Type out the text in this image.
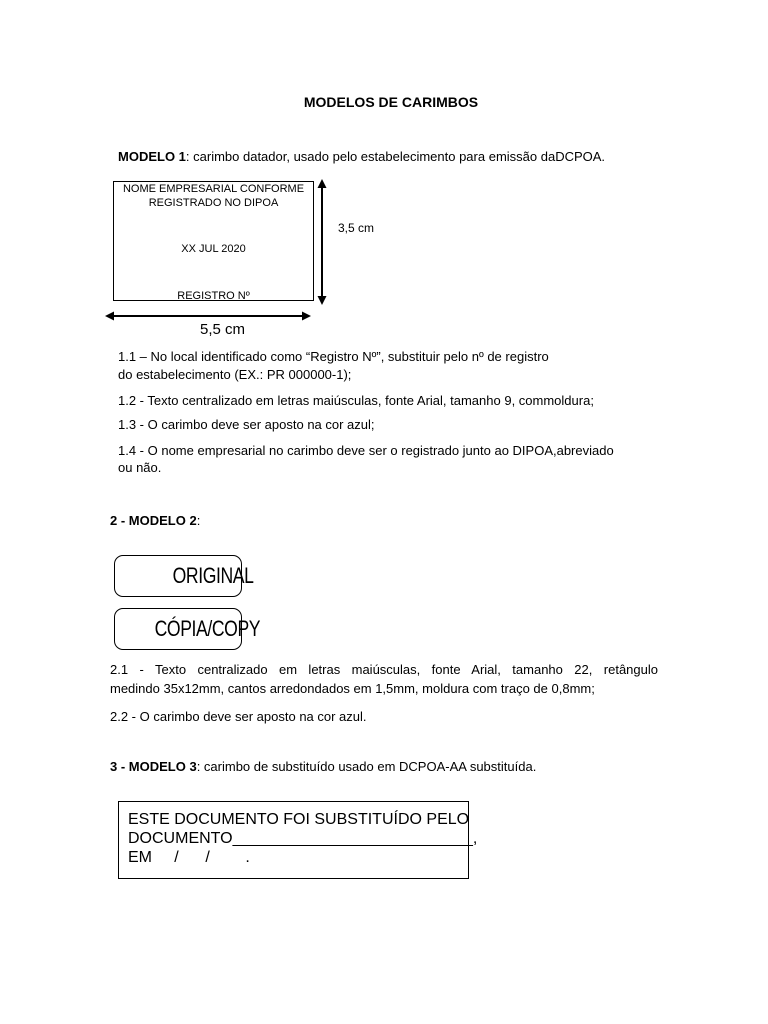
MODELOS DE CARIMBOS
MODELO 1: carimbo datador, usado pelo estabelecimento para emissão daDCPOA.
NOME EMPRESARIAL CONFORME
REGISTRADO NO DIPOA
XX JUL 2020
REGISTRO Nº
3,5 cm
5,5 cm
1.1 – No local identificado como “Registro Nº”, substituir pelo nº de registro
do estabelecimento (EX.: PR 000000-1);
1.2 - Texto centralizado em letras maiúsculas, fonte Arial, tamanho 9, commoldura;
1.3 - O carimbo deve ser aposto na cor azul;
1.4 - O nome empresarial no carimbo deve ser o registrado junto ao DIPOA,abreviado
ou não.
2 - MODELO 2:
ORIGINAL
CÓPIA/COPY
2.1 - Texto centralizado em letras maiúsculas, fonte Arial, tamanho 22, retângulo
medindo 35x12mm, cantos arredondados em 1,5mm, moldura com traço de 0,8mm;
2.2 - O carimbo deve ser aposto na cor azul.
3 - MODELO 3: carimbo de substituído usado em DCPOA-AA substituída.
ESTE DOCUMENTO FOI SUBSTITUÍDO PELO
DOCUMENTO___________________________,
EM     /      /        .
